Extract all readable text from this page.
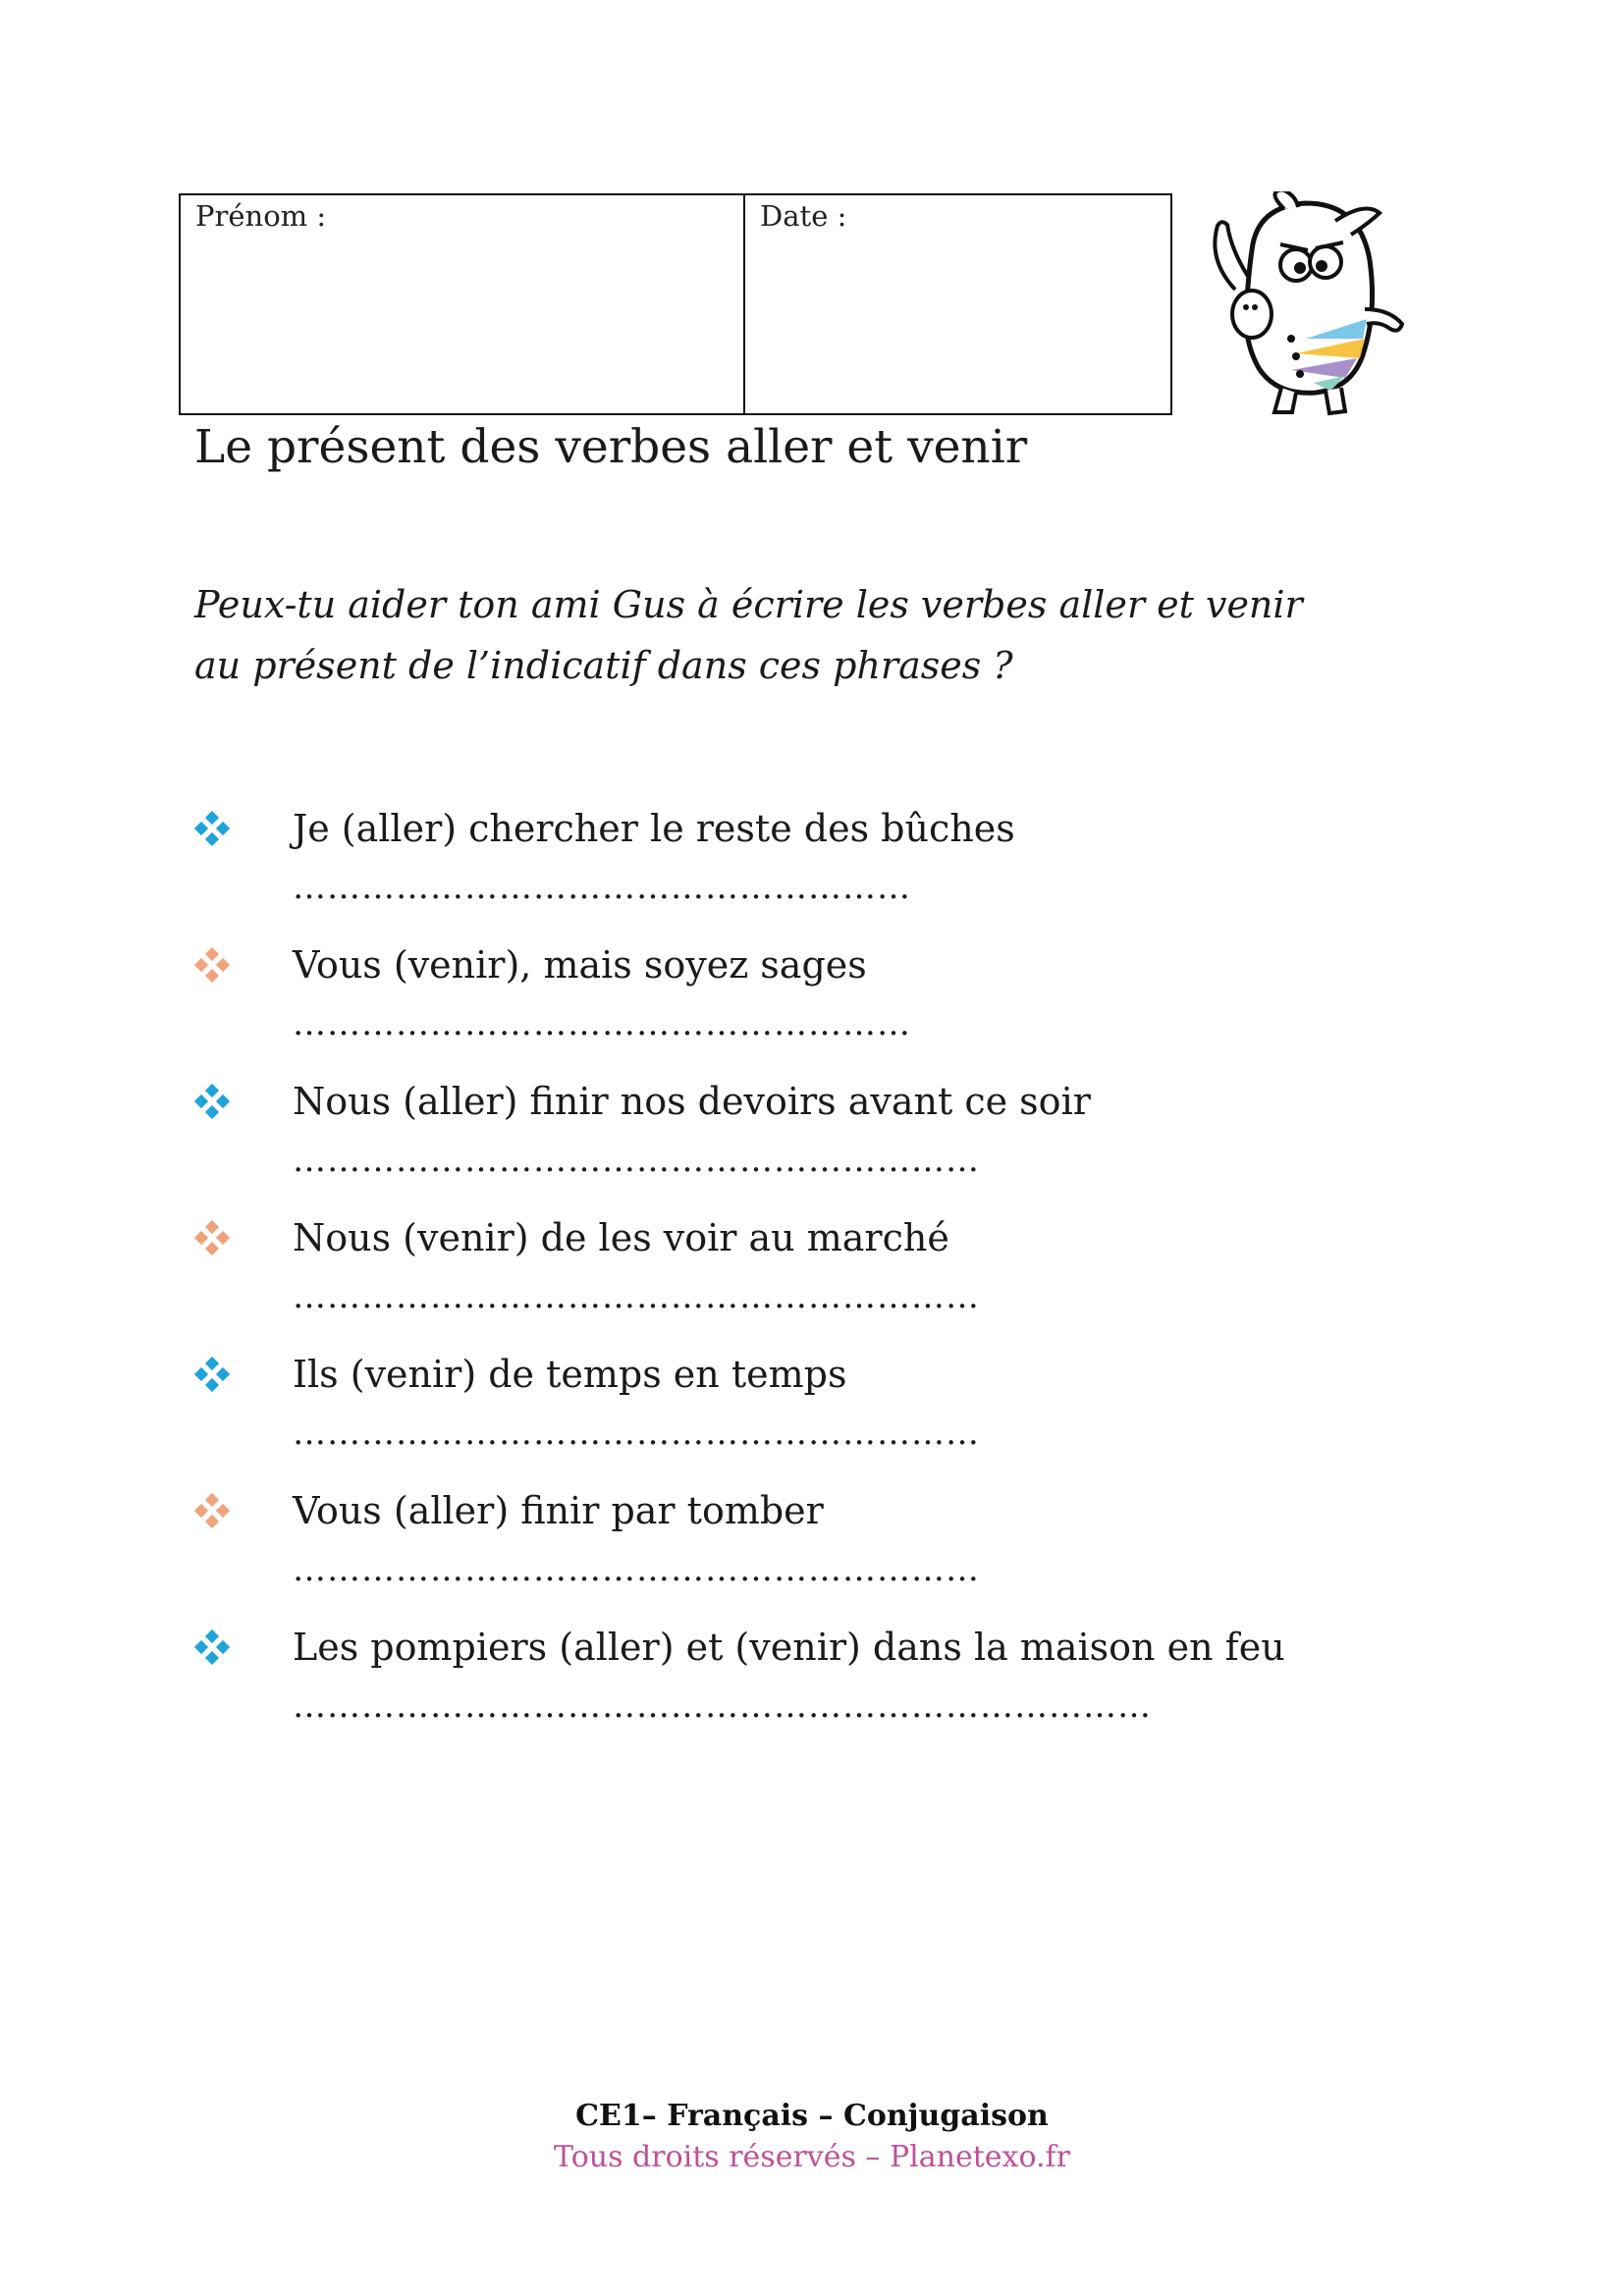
Prénom :	Date :
Le présent des verbes aller et venir
Peux-tu aider ton ami Gus à écrire les verbes aller et venir
au présent de l’indicatif dans ces phrases ?
Je (aller) chercher le reste des bûches
………………………………………………
Vous (venir), mais soyez sages
………………………………………………
Nous (aller) finir nos devoirs avant ce soir
……………………………………………………
Nous (venir) de les voir au marché
……………………………………………………
Ils (venir) de temps en temps
……………………………………………………
Vous (aller) finir par tomber
……………………………………………………
Les pompiers (aller) et (venir) dans la maison en feu
…………………………………………………………………
CE1– Français – Conjugaison
Tous droits réservés – Planetexo.fr
